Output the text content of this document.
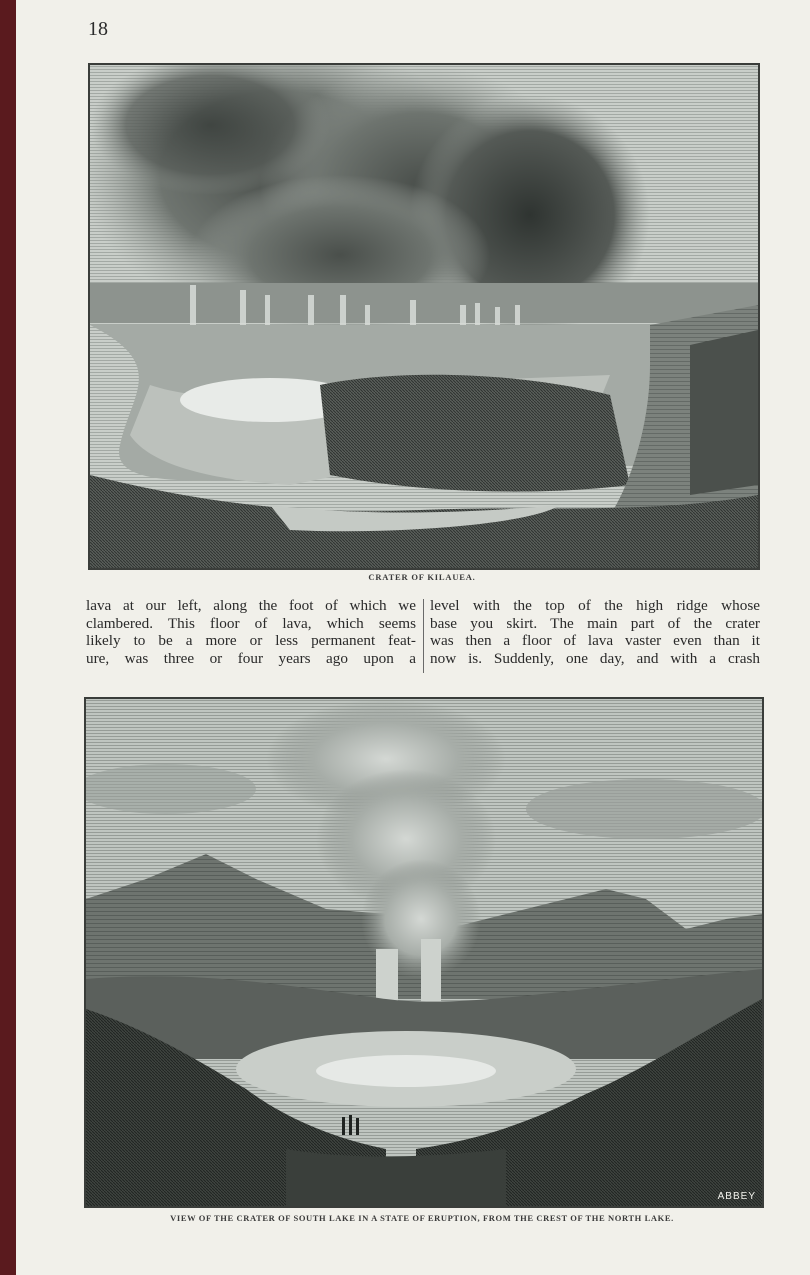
18
CRATER OF KILAUEA.
lava at our left, along the foot of which we
clambered. This floor of lava, which seems
likely to be a more or less permanent feat-
ure, was three or four years ago upon a
level with the top of the high ridge whose
base you skirt. The main part of the crater
was then a floor of lava vaster even than it
now is. Suddenly, one day, and with a crash
ABBEY
VIEW OF THE CRATER OF SOUTH LAKE IN A STATE OF ERUPTION, FROM THE CREST OF THE NORTH LAKE.
